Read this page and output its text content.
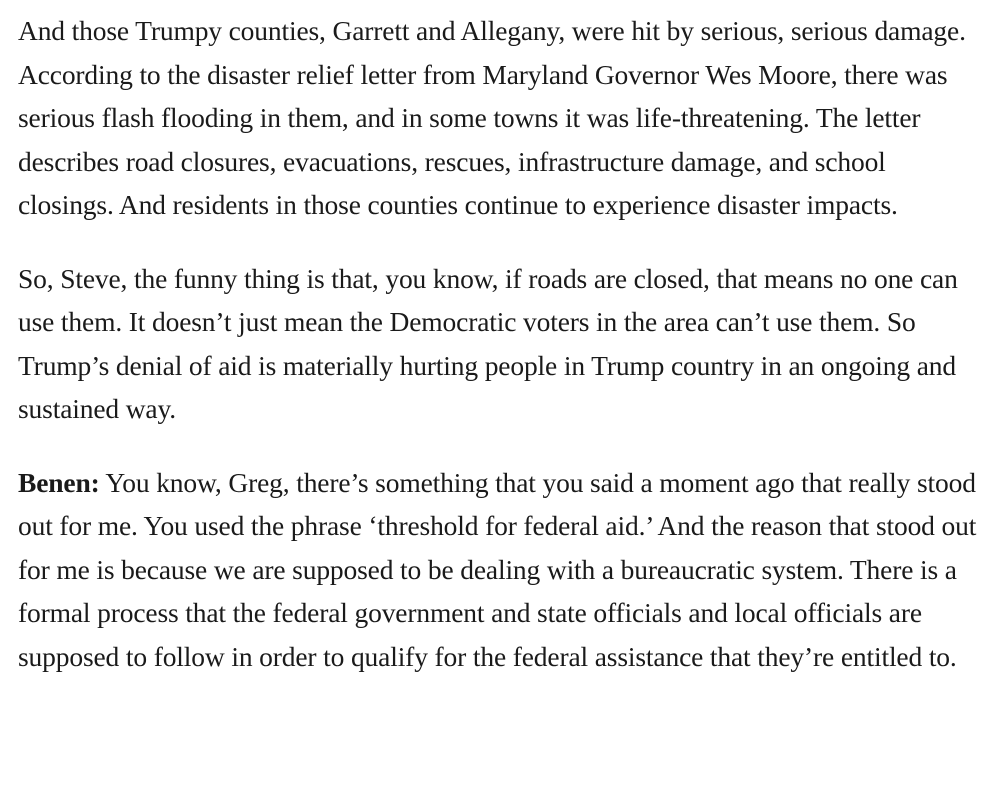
And those Trumpy counties, Garrett and Allegany, were hit by serious, serious damage. According to the disaster relief letter from Maryland Governor Wes Moore, there was serious flash flooding in them, and in some towns it was life-threatening. The letter describes road closures, evacuations, rescues, infrastructure damage, and school closings. And residents in those counties continue to experience disaster impacts.

So, Steve, the funny thing is that, you know, if roads are closed, that means no one can use them. It doesn’t just mean the Democratic voters in the area can’t use them. So Trump’s denial of aid is materially hurting people in Trump country in an ongoing and sustained way.

Benen: You know, Greg, there’s something that you said a moment ago that really stood out for me. You used the phrase ‘threshold for federal aid.’ And the reason that stood out for me is because we are supposed to be dealing with a bureaucratic system. There is a formal process that the federal government and state officials and local officials are supposed to follow in order to qualify for the federal assistance that they’re entitled to.
